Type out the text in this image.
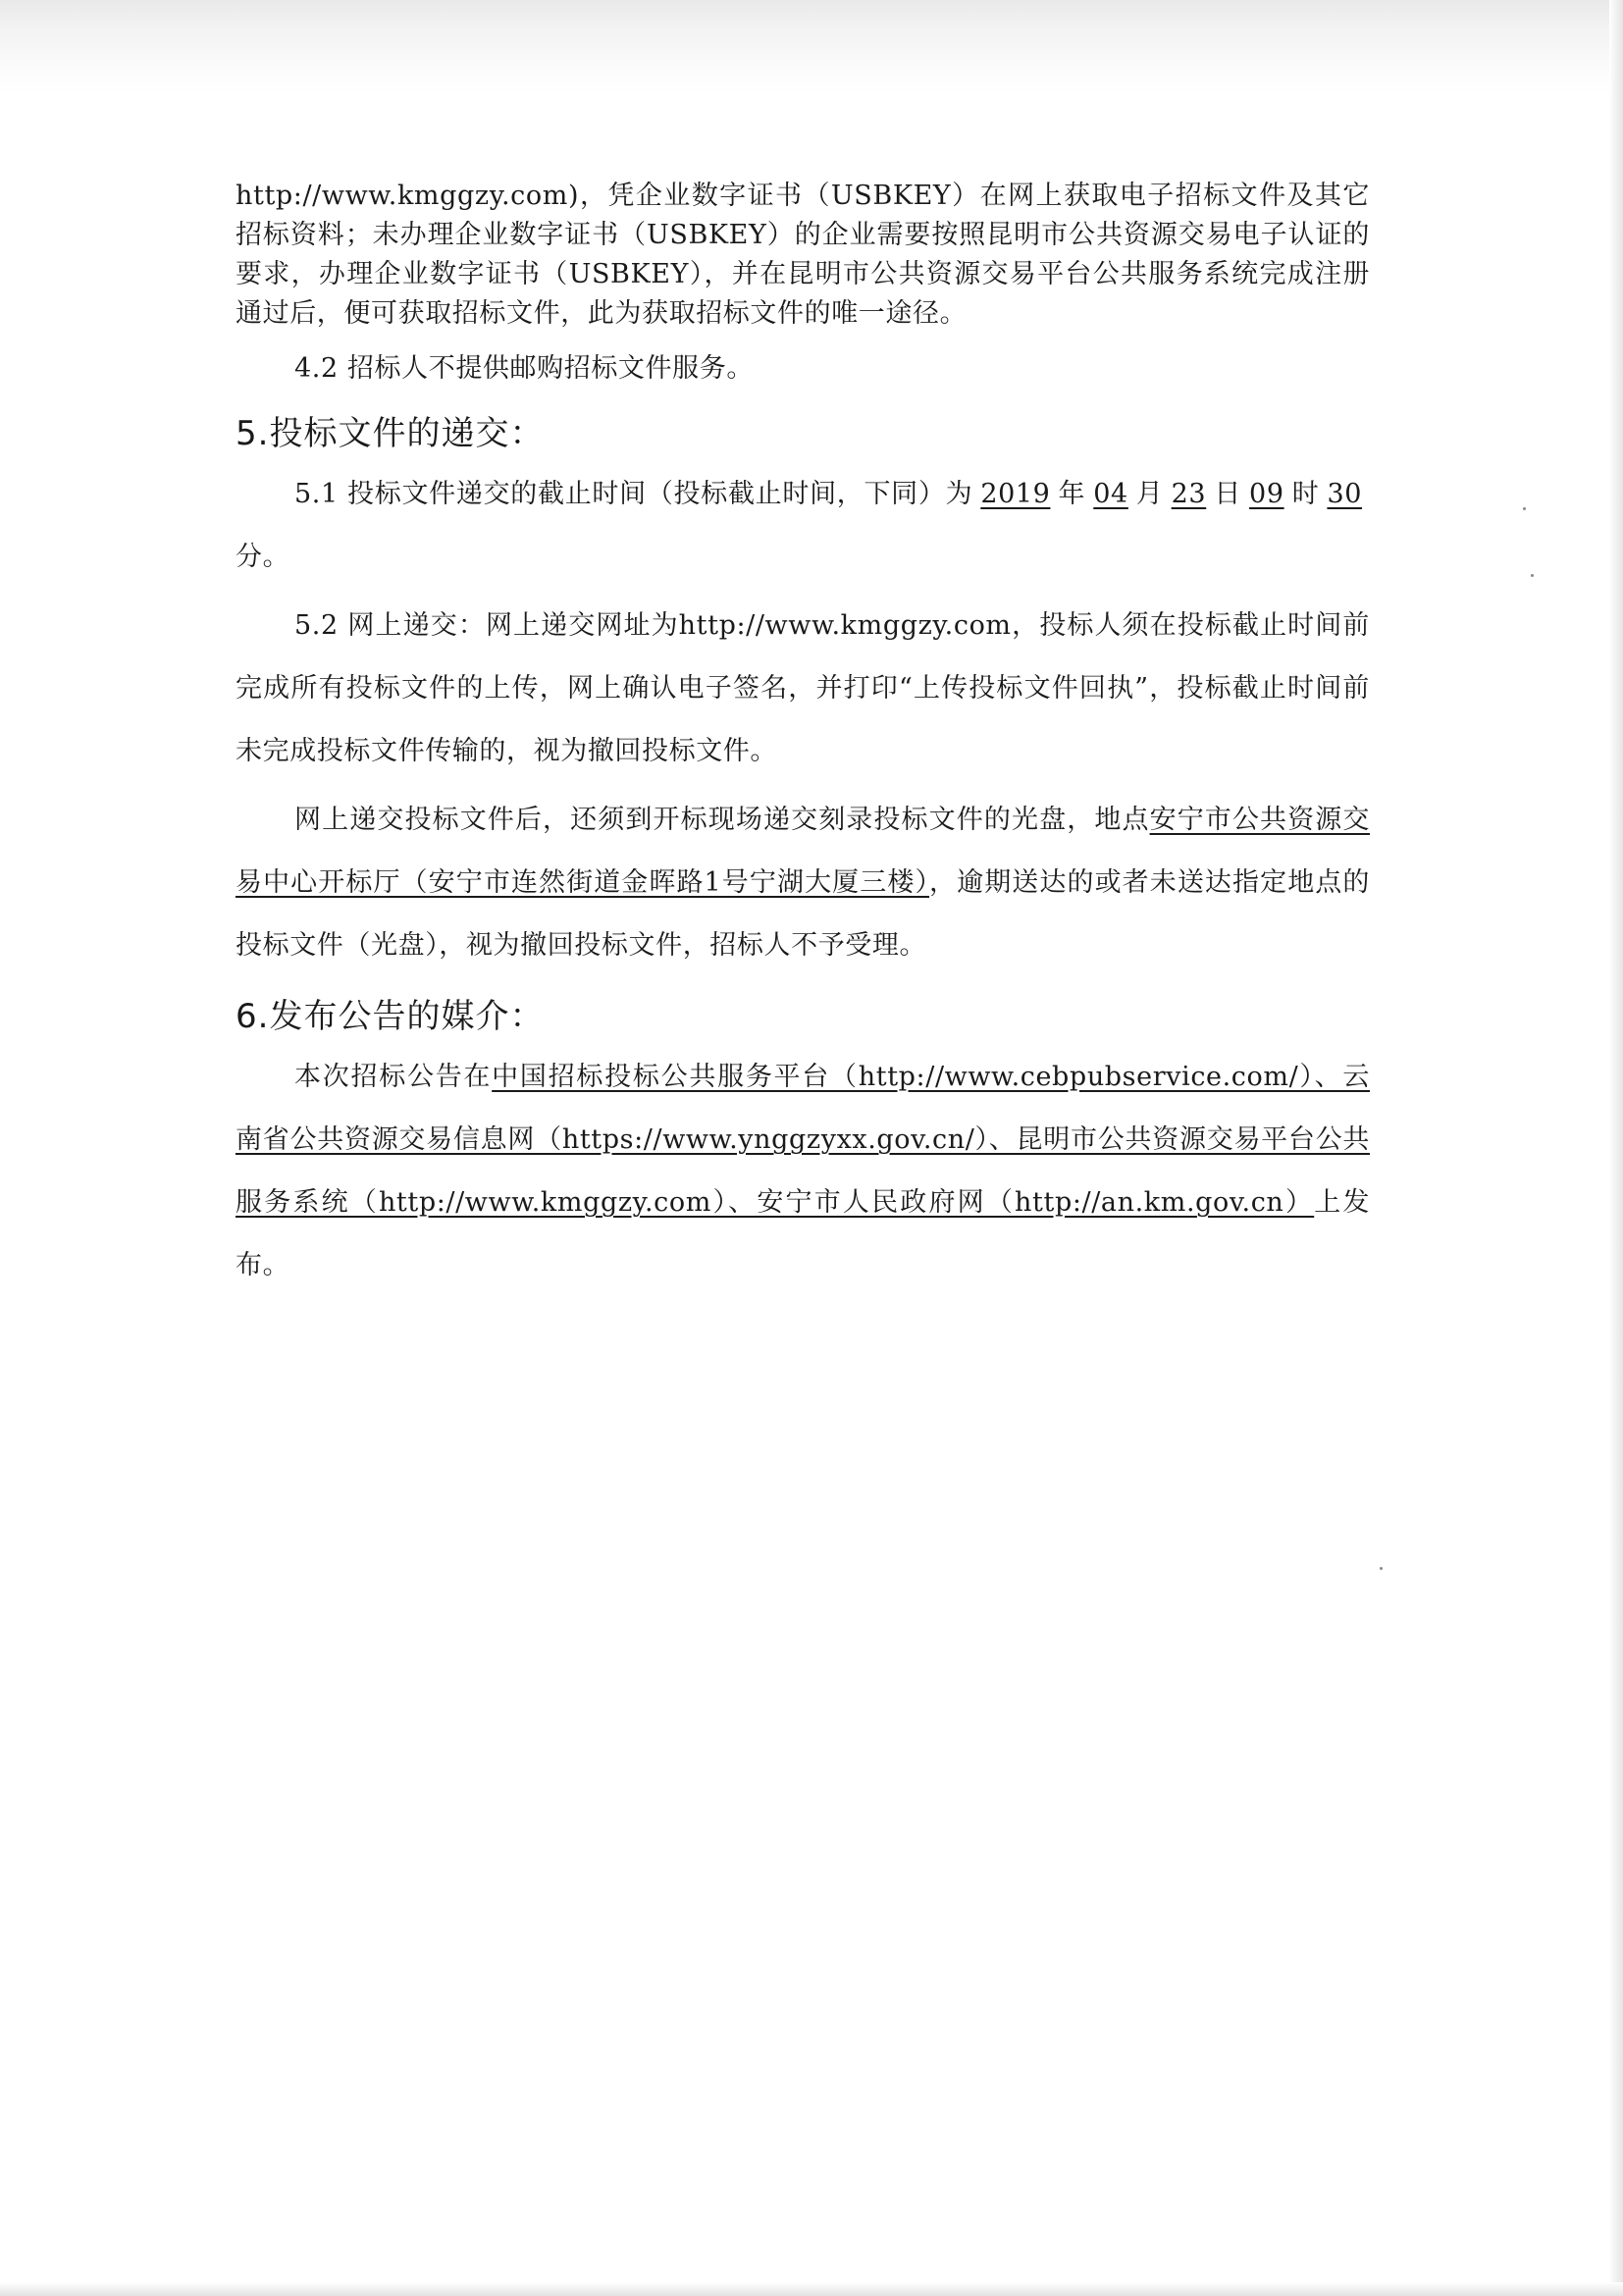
http://www.kmggzy.com)，凭企业数字证书（USBKEY）在网上获取电子招标文件及其它招标资料；未办理企业数字证书（USBKEY）的企业需要按照昆明市公共资源交易电子认证的要求，办理企业数字证书（USBKEY），并在昆明市公共资源交易平台公共服务系统完成注册通过后，便可获取招标文件，此为获取招标文件的唯一途径。

4.2 招标人不提供邮购招标文件服务。

5.投标文件的递交：

5.1 投标文件递交的截止时间（投标截止时间，下同）为 2019 年 04 月 23 日 09 时 30分。

5.2 网上递交：网上递交网址为http://www.kmggzy.com，投标人须在投标截止时间前完成所有投标文件的上传，网上确认电子签名，并打印“上传投标文件回执”，投标截止时间前未完成投标文件传输的，视为撤回投标文件。

网上递交投标文件后，还须到开标现场递交刻录投标文件的光盘，地点安宁市公共资源交易中心开标厅（安宁市连然街道金晖路1号宁湖大厦三楼），逾期送达的或者未送达指定地点的投标文件（光盘），视为撤回投标文件，招标人不予受理。

6.发布公告的媒介：

本次招标公告在中国招标投标公共服务平台（http://www.cebpubservice.com/）、云南省公共资源交易信息网（https://www.ynggzyxx.gov.cn/）、昆明市公共资源交易平台公共服务系统（http://www.kmggzy.com）、安宁市人民政府网（http://an.km.gov.cn）上发布。
